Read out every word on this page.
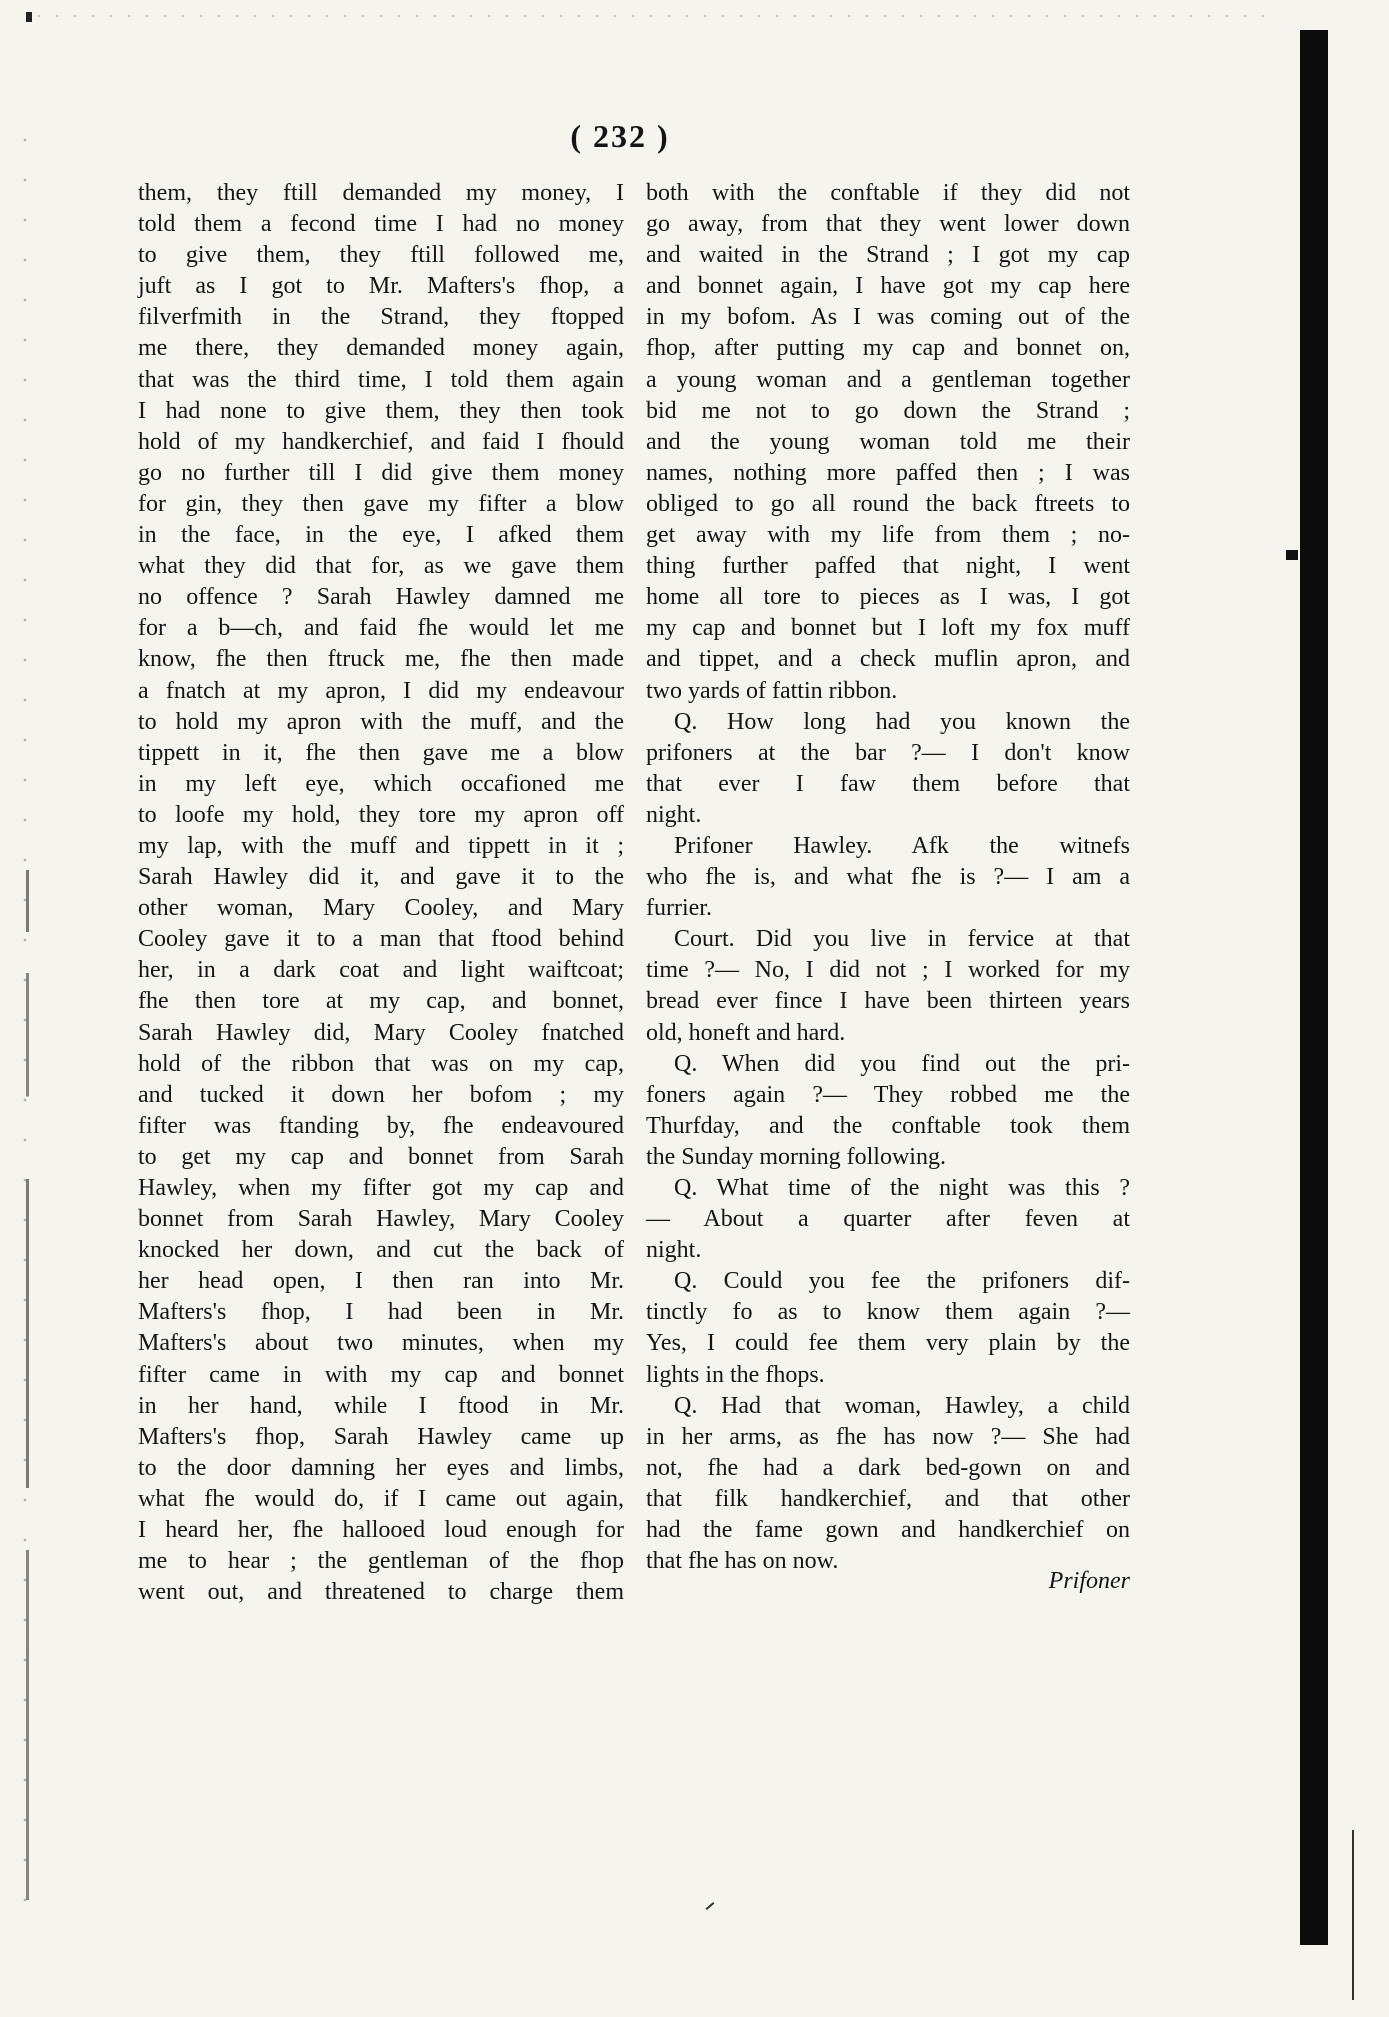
( 232 )

them, they ftill demanded my money, I

told them a fecond time I had no money

to give them, they ftill followed me,

juft as I got to Mr. Mafters's fhop, a

filverfmith in the Strand, they ftopped

me there, they demanded money again,

that was the third time, I told them again

I had none to give them, they then took

hold of my handkerchief, and faid I fhould

go no further till I did give them money

for gin, they then gave my fifter a blow

in the face, in the eye, I afked them

what they did that for, as we gave them

no offence ? Sarah Hawley damned me

for a b—ch, and faid fhe would let me

know, fhe then ftruck me, fhe then made

a fnatch at my apron, I did my endeavour

to hold my apron with the muff, and the

tippett in it, fhe then gave me a blow

in my left eye, which occafioned me

to loofe my hold, they tore my apron off

my lap, with the muff and tippett in it ;

Sarah Hawley did it, and gave it to the

other woman, Mary Cooley, and Mary

Cooley gave it to a man that ftood behind

her, in a dark coat and light waiftcoat;

fhe then tore at my cap, and bonnet,

Sarah Hawley did, Mary Cooley fnatched

hold of the ribbon that was on my cap,

and tucked it down her bofom ; my

fifter was ftanding by, fhe endeavoured

to get my cap and bonnet from Sarah

Hawley, when my fifter got my cap and

bonnet from Sarah Hawley, Mary Cooley

knocked her down, and cut the back of

her head open, I then ran into Mr.

Mafters's fhop, I had been in Mr.

Mafters's about two minutes, when my

fifter came in with my cap and bonnet

in her hand, while I ftood in Mr.

Mafters's fhop, Sarah Hawley came up

to the door damning her eyes and limbs,

what fhe would do, if I came out again,

I heard her, fhe hallooed loud enough for

me to hear ; the gentleman of the fhop

went out, and threatened to charge them

both with the conftable if they did not

go away, from that they went lower down

and waited in the Strand ; I got my cap

and bonnet again, I have got my cap here

in my bofom. As I was coming out of the

fhop, after putting my cap and bonnet on,

a young woman and a gentleman together

bid me not to go down the Strand ;

and the young woman told me their

names, nothing more paffed then ; I was

obliged to go all round the back ftreets to

get away with my life from them ; no-

thing further paffed that night, I went

home all tore to pieces as I was, I got

my cap and bonnet but I loft my fox muff

and tippet, and a check muflin apron, and

two yards of fattin ribbon.

Q. How long had you known the

prifoners at the bar ?— I don't know

that ever I faw them before that

night.

Prifoner Hawley. Afk the witnefs

who fhe is, and what fhe is ?— I am a

furrier.

Court. Did you live in fervice at that

time ?— No, I did not ; I worked for my

bread ever fince I have been thirteen years

old, honeft and hard.

Q. When did you find out the pri-

foners again ?— They robbed me the

Thurfday, and the conftable took them

the Sunday morning following.

Q. What time of the night was this ?

— About a quarter after feven at

night.

Q. Could you fee the prifoners dif-

tinctly fo as to know them again ?—

Yes, I could fee them very plain by the

lights in the fhops.

Q. Had that woman, Hawley, a child

in her arms, as fhe has now ?— She had

not, fhe had a dark bed-gown on and

that filk handkerchief, and that other

had the fame gown and handkerchief on

that fhe has on now.

Prifoner
